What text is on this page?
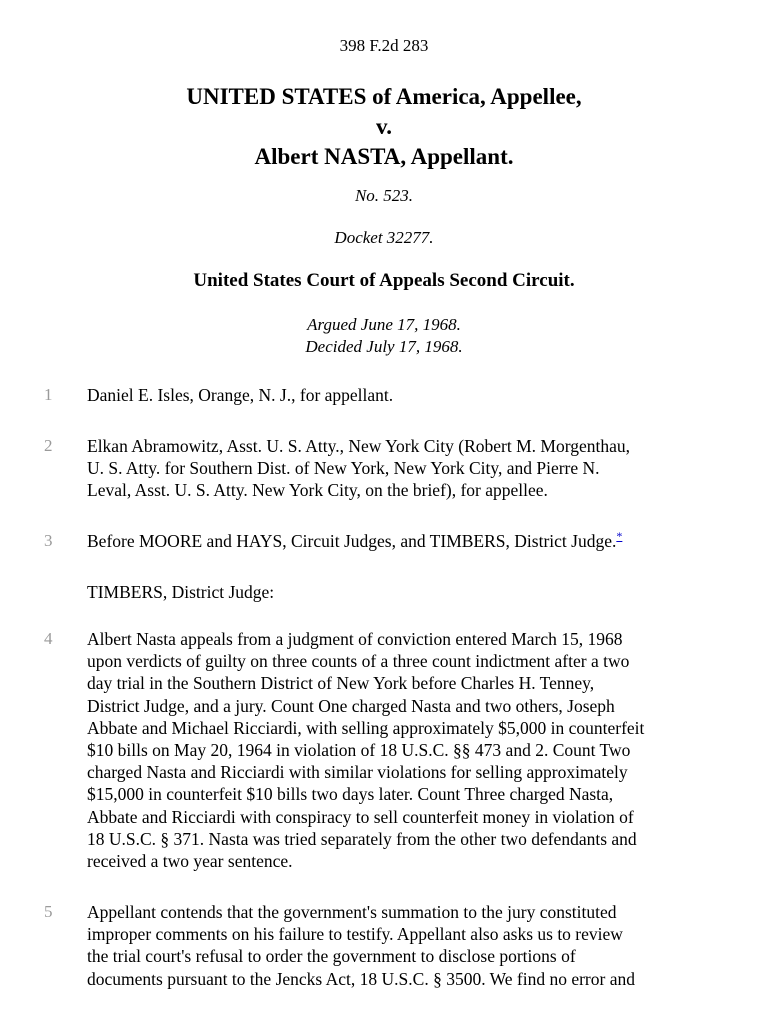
398 F.2d 283
UNITED STATES of America, Appellee,
v.
Albert NASTA, Appellant.
No. 523.
Docket 32277.
United States Court of Appeals Second Circuit.
Argued June 17, 1968.
Decided July 17, 1968.
1	Daniel E. Isles, Orange, N. J., for appellant.
2	Elkan Abramowitz, Asst. U. S. Atty., New York City (Robert M. Morgenthau,
U. S. Atty. for Southern Dist. of New York, New York City, and Pierre N.
Leval, Asst. U. S. Atty. New York City, on the brief), for appellee.
3	Before MOORE and HAYS, Circuit Judges, and TIMBERS, District Judge.*
TIMBERS, District Judge:
4	Albert Nasta appeals from a judgment of conviction entered March 15, 1968
upon verdicts of guilty on three counts of a three count indictment after a two
day trial in the Southern District of New York before Charles H. Tenney,
District Judge, and a jury. Count One charged Nasta and two others, Joseph
Abbate and Michael Ricciardi, with selling approximately $5,000 in counterfeit
$10 bills on May 20, 1964 in violation of 18 U.S.C. §§ 473 and 2. Count Two
charged Nasta and Ricciardi with similar violations for selling approximately
$15,000 in counterfeit $10 bills two days later. Count Three charged Nasta,
Abbate and Ricciardi with conspiracy to sell counterfeit money in violation of
18 U.S.C. § 371. Nasta was tried separately from the other two defendants and
received a two year sentence.
5	Appellant contends that the government's summation to the jury constituted
improper comments on his failure to testify. Appellant also asks us to review
the trial court's refusal to order the government to disclose portions of
documents pursuant to the Jencks Act, 18 U.S.C. § 3500. We find no error and
